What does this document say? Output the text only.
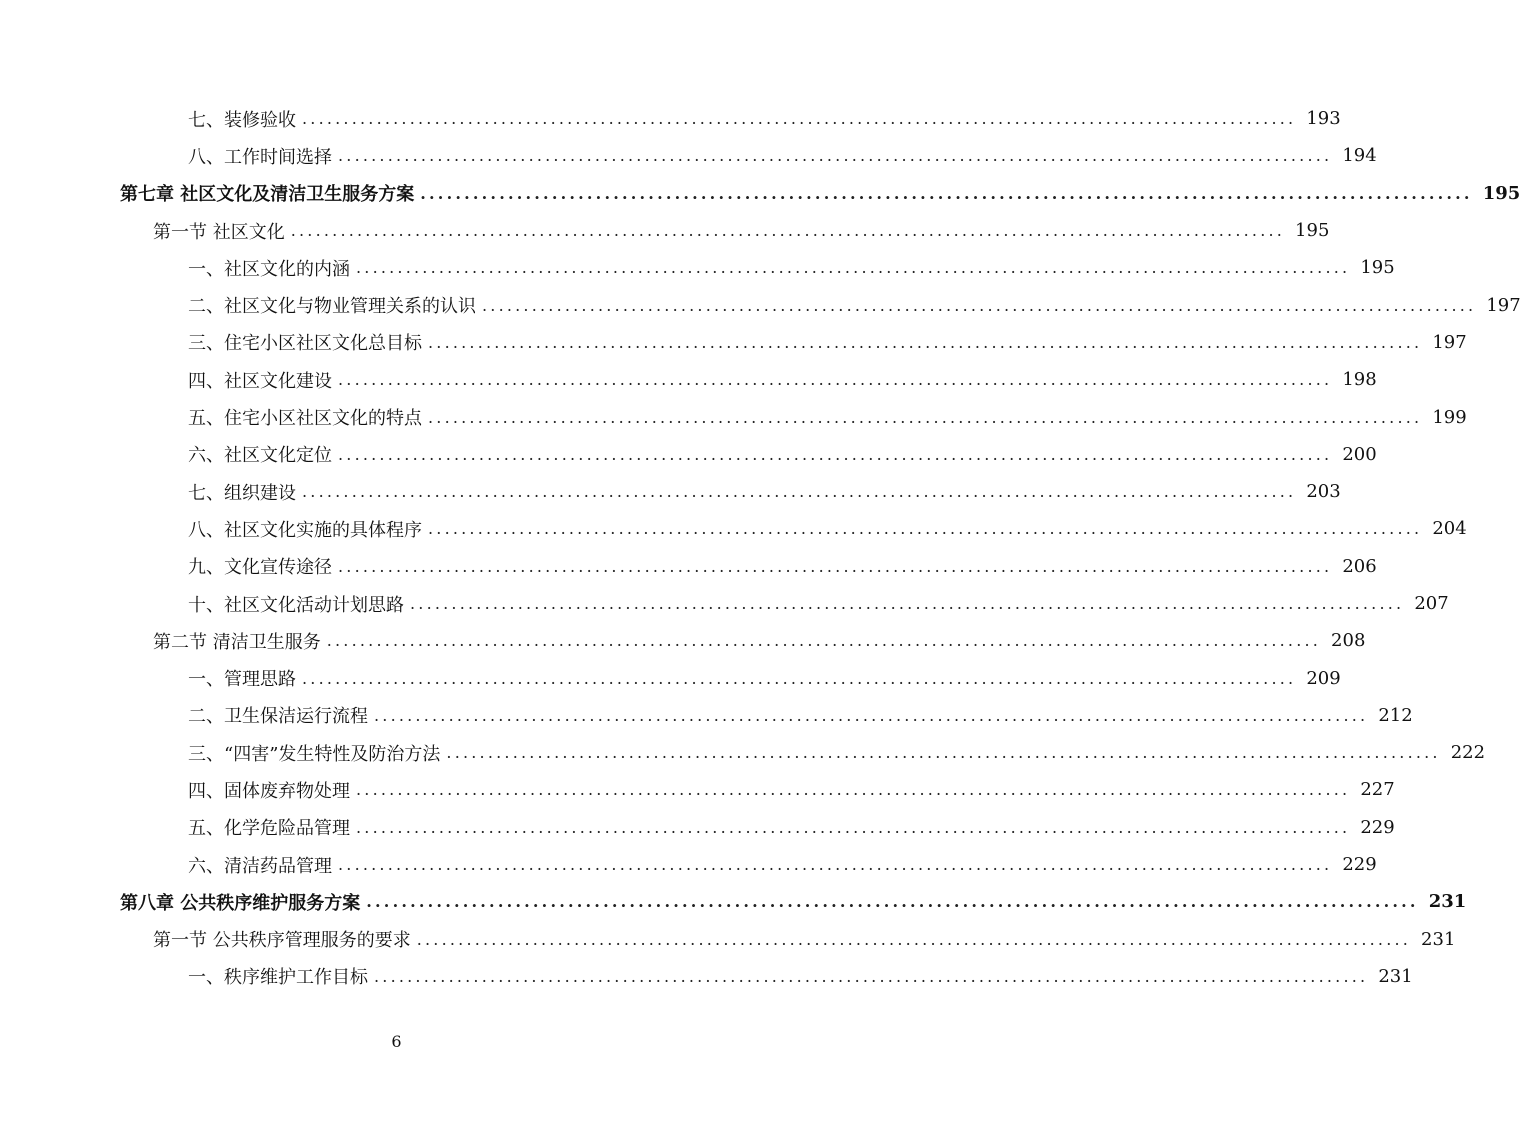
七、装修验收 ........................................................................................................................ 193
八、工作时间选择 ........................................................................................................................ 194
第七章 社区文化及清洁卫生服务方案 ........................................................................................................................ 195
第一节 社区文化 ........................................................................................................................ 195
一、社区文化的内涵 ........................................................................................................................ 195
二、社区文化与物业管理关系的认识 ........................................................................................................................ 197
三、住宅小区社区文化总目标 ........................................................................................................................ 197
四、社区文化建设 ........................................................................................................................ 198
五、住宅小区社区文化的特点 ........................................................................................................................ 199
六、社区文化定位 ........................................................................................................................ 200
七、组织建设 ........................................................................................................................ 203
八、社区文化实施的具体程序 ........................................................................................................................ 204
九、文化宣传途径 ........................................................................................................................ 206
十、社区文化活动计划思路 ........................................................................................................................ 207
第二节 清洁卫生服务 ........................................................................................................................ 208
一、管理思路 ........................................................................................................................ 209
二、卫生保洁运行流程 ........................................................................................................................ 212
三、“四害”发生特性及防治方法 ........................................................................................................................ 222
四、固体废弃物处理 ........................................................................................................................ 227
五、化学危险品管理 ........................................................................................................................ 229
六、清洁药品管理 ........................................................................................................................ 229
第八章 公共秩序维护服务方案 ........................................................................................................................ 231
第一节 公共秩序管理服务的要求 ........................................................................................................................ 231
一、秩序维护工作目标 ........................................................................................................................ 231
6
